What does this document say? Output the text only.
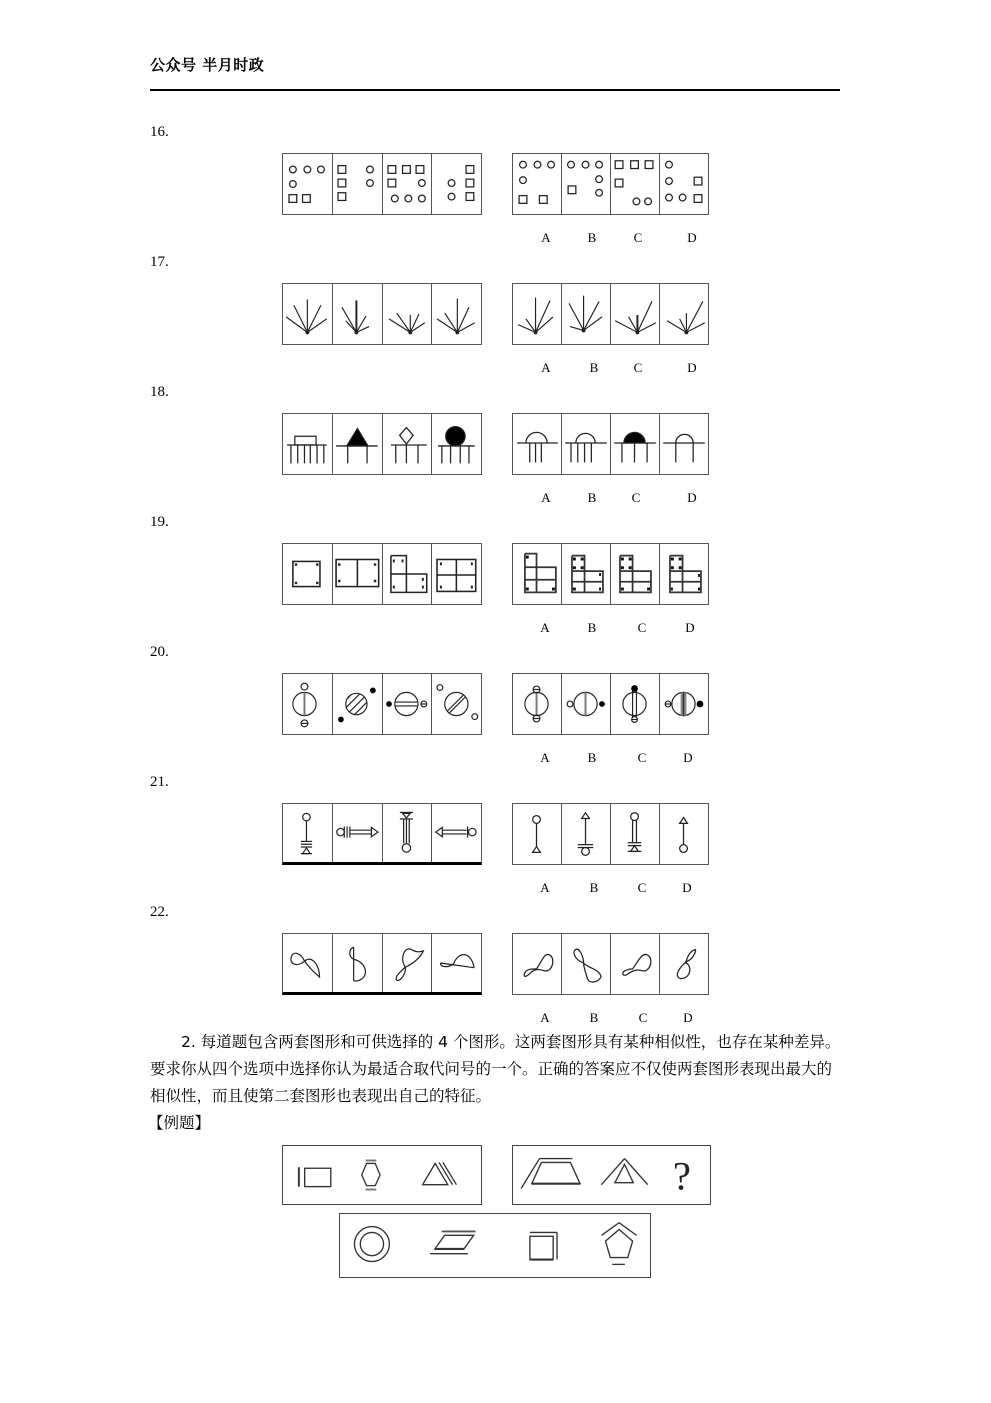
公众号 半月时政
16.
A	B	C	D
17.
A	B	C	D
18.
A	B	C	D
19.
A	B	C	D
20.
A	B	C	D
21.
A	B	C	D
22.
A	B	C	D
　　2. 每道题包含两套图形和可供选择的 4 个图形。这两套图形具有某种相似性，也存在某种差异。要求你从四个选项中选择你认为最适合取代问号的一个。正确的答案应不仅使两套图形表现出最大的相似性，而且使第二套图形也表现出自己的特征。
【例题】
?
